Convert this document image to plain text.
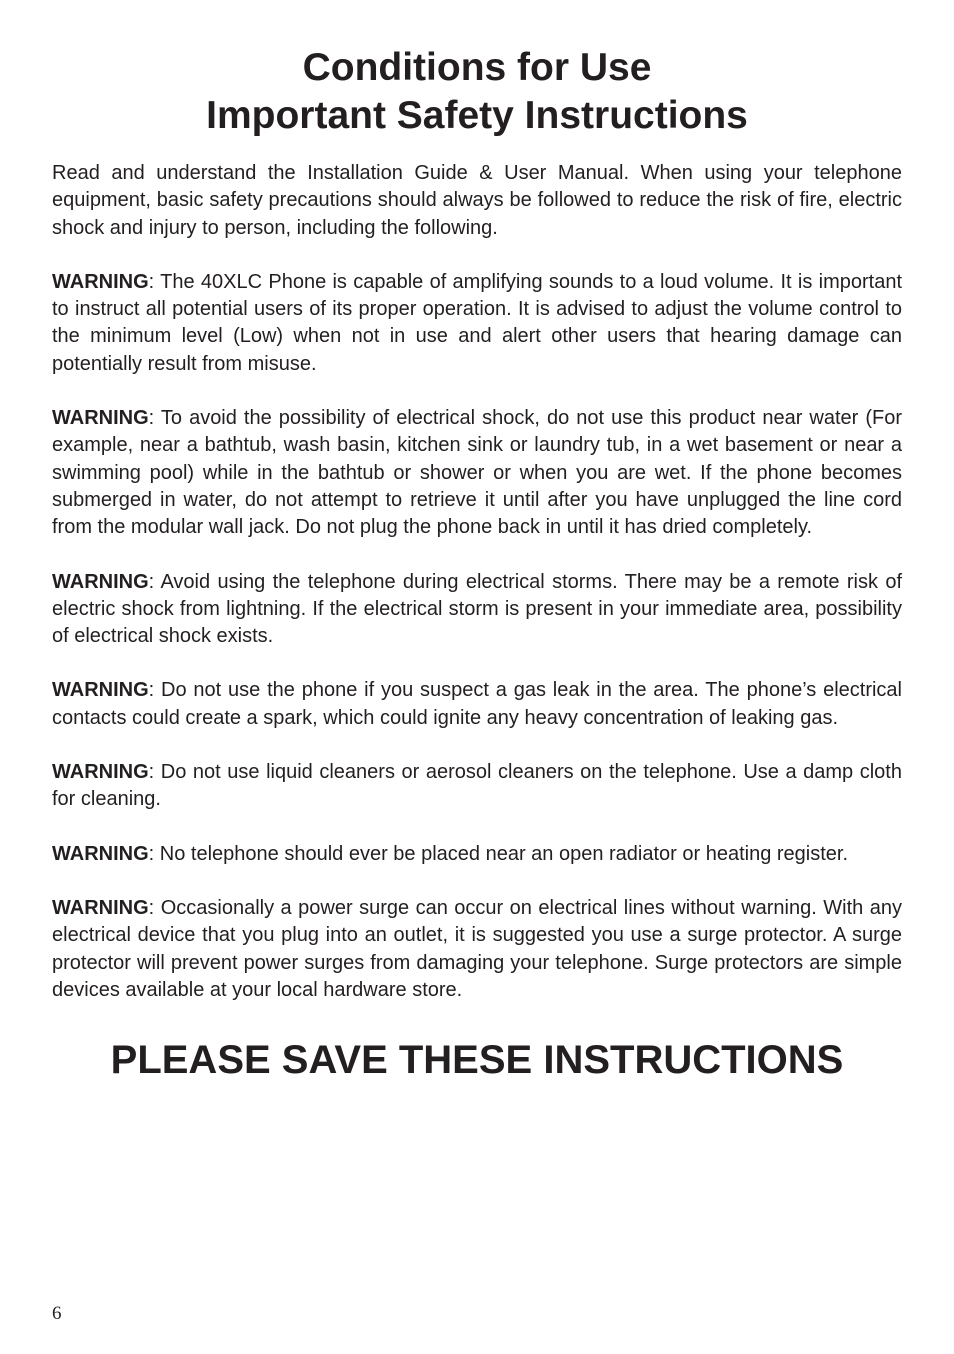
Conditions for Use
Important Safety Instructions

Read and understand the Installation Guide & User Manual. When using your telephone equipment, basic safety precautions should always be followed to reduce the risk of fire, electric shock and injury to person, including the following.

WARNING: The 40XLC Phone is capable of amplifying sounds to a loud volume. It is important to instruct all potential users of its proper operation. It is advised to adjust the volume control to the minimum level (Low) when not in use and alert other users that hearing damage can potentially result from misuse.

WARNING: To avoid the possibility of electrical shock, do not use this product near water (For example, near a bathtub, wash basin, kitchen sink or laundry tub, in a wet basement or near a swimming pool) while in the bathtub or shower or when you are wet. If the phone becomes submerged in water, do not attempt to retrieve it until after you have unplugged the line cord from the modular wall jack. Do not plug the phone back in until it has dried completely.

WARNING: Avoid using the telephone during electrical storms. There may be a remote risk of electric shock from lightning. If the electrical storm is present in your immediate area, possibility of electrical shock exists.

WARNING: Do not use the phone if you suspect a gas leak in the area. The phone’s electrical contacts could create a spark, which could ignite any heavy concentration of leaking gas.

WARNING: Do not use liquid cleaners or aerosol cleaners on the telephone. Use a damp cloth for cleaning.

WARNING: No telephone should ever be placed near an open radiator or heating register.

WARNING: Occasionally a power surge can occur on electrical lines without warning. With any electrical device that you plug into an outlet, it is suggested you use a surge protector. A surge protector will prevent power surges from damaging your telephone. Surge protectors are simple devices available at your local hardware store.

PLEASE SAVE THESE INSTRUCTIONS
6
